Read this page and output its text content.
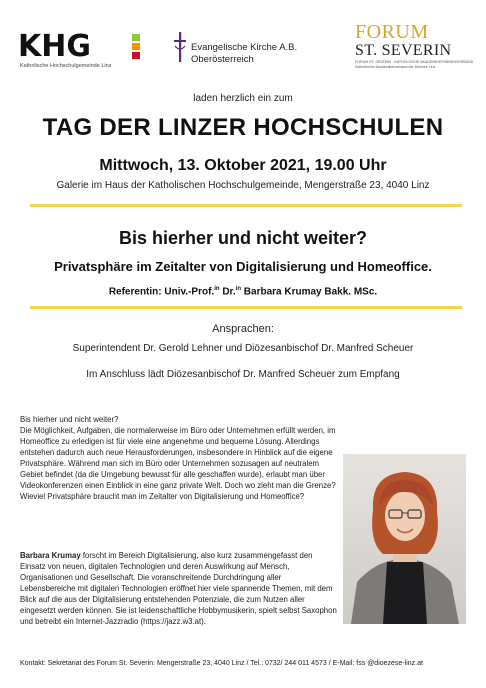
KHG
Katholische Hochschulgemeinde Linz
Evangelische Kirche A.B.
Oberösterreich
FORUM
ST. SEVERIN
FORUM ST. SEVERIN · KATHOLISCHE AKADEMIKER/INNENVERBAND
Katholischer Akademikerverband der Diözese Linz
laden herzlich ein zum
TAG DER LINZER HOCHSCHULEN
Mittwoch, 13. Oktober 2021, 19.00 Uhr
Galerie im Haus der Katholischen Hochschulgemeinde, Mengerstraße 23, 4040 Linz
Bis hierher und nicht weiter?
Privatsphäre im Zeitalter von Digitalisierung und Homeoffice.
Referentin: Univ.-Prof.$^{in}$ Dr.$^{in}$ Barbara Krumay Bakk. MSc.
Ansprachen:
Superintendent Dr. Gerold Lehner und Diözesanbischof Dr. Manfred Scheuer
Im Anschluss lädt Diözesanbischof Dr. Manfred Scheuer zum Empfang

Bis hierher und nicht weiter?

Die Möglichkeit, Aufgaben, die normalerweise im Büro oder Unternehmen erfüllt werden, im Homeoffice zu erledigen ist für viele eine angenehme und bequeme Lösung. Allerdings entstehen dadurch auch neue Herausforderungen, insbesondere in Hinblick auf die eigene Privatsphäre. Während man sich im Büro oder Unternehmen sozusagen auf neutralem Gebiet befindet (da die Umgebung bewusst für alle geschaffen wurde), erlaubt man über Videokonferenzen einen Einblick in eine ganz private Welt. Doch wo zieht man die Grenze? Wieviel Privatsphäre braucht man im Zeitalter von Digitalisierung und Homeoffice?

Barbara Krumay forscht im Bereich Digitalisierung, also kurz zusammengefasst den Einsatz von neuen, digitalen Technologien und deren Auswirkung auf Mensch, Organisationen und Gesellschaft. Die voranschreitende Durchdringung aller Lebensbereiche mit digitalen Technologien eröffnet hier viele spannende Themen, mit dem Blick auf die aus der Digitalisierung entstehenden Potenziale, die zum Nutzen aller eingesetzt werden können. Sie ist leidenschaftliche Hobbymusikerin, spielt selbst Saxophon und betreibt ein Internet-Jazzradio (https://jazz.w3.at).

Kontakt: Sekretariat des Forum St. Severin: Mengerstraße 23, 4040 Linz / Tel.: 0732/ 244 011 4573 / E-Mail: fss @dioezese-linz.at
